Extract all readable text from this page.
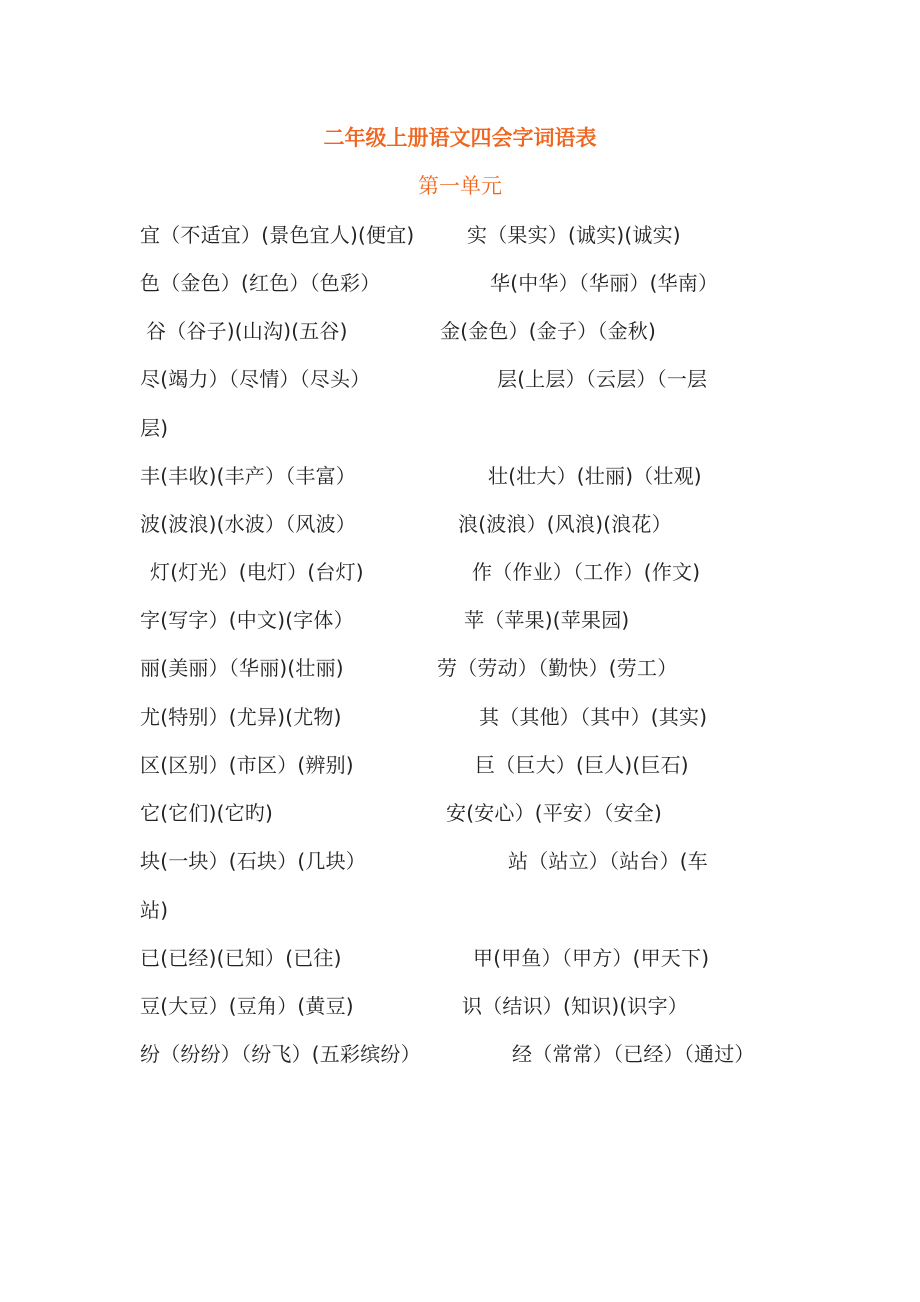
二年级上册语文四会字词语表
第一单元
宜（不适宜）(景色宜人)(便宜)	实（果实）(诚实)(诚实)
色（金色）(红色）（色彩）	华(中华）（华丽）(华南）
谷（谷子)(山沟)(五谷)	金(金色）(金子）（金秋)
尽(竭力）（尽情）（尽头）	层(上层）（云层）（一层
层)
丰(丰收)(丰产）（丰富）	壮(壮大）(壮丽)（壮观)
波(波浪)(水波）（风波）	浪(波浪）(风浪)(浪花）
灯(灯光）(电灯）(台灯)	作（作业）（工作）(作文)
字(写字）(中文)(字体）	苹（苹果)(苹果园)
丽(美丽）（华丽)(壮丽)	劳（劳动）（勤快）(劳工）
尤(特别）(尤异)(尤物)	其（其他）（其中）(其实)
区(区别）(市区）(辨别)	巨（巨大）(巨人)(巨石)
它(它们)(它旳)	安(安心）(平安）（安全)
块(一块）(石块）(几块）	站（站立）（站台）(车
站)
已(已经)(已知）(已往)	甲(甲鱼）（甲方）(甲天下)
豆(大豆）(豆角）(黄豆)	识（结识）(知识)(识字）
纷（纷纷）（纷飞）(五彩缤纷）	经（常常）（已经）（通过）
